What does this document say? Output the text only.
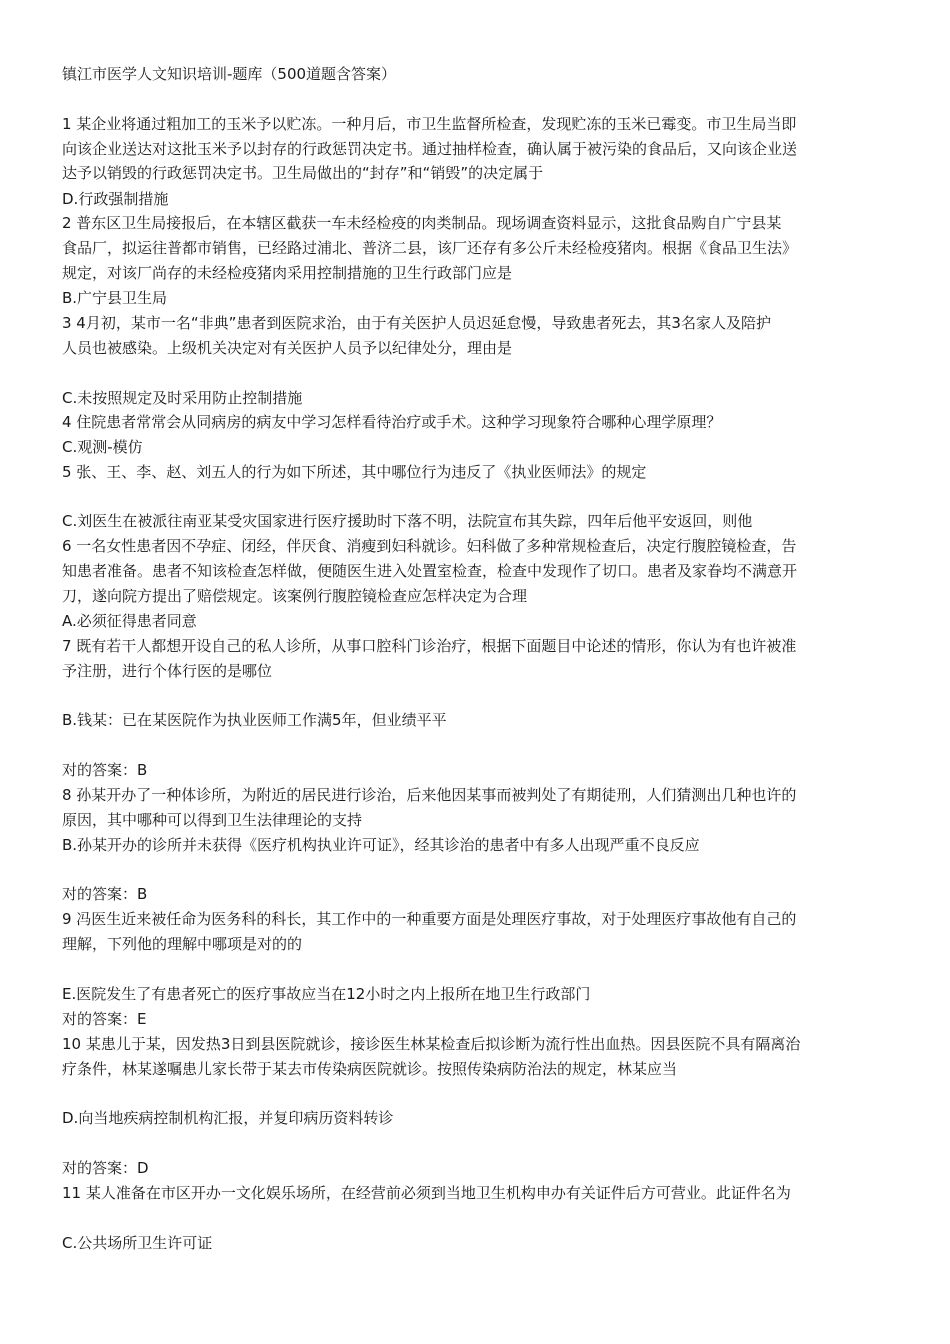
镇江市医学人文知识培训-题库（500道题含答案）
1 某企业将通过粗加工的玉米予以贮冻。一种月后，市卫生监督所检查，发现贮冻的玉米已霉变。市卫生局当即
向该企业送达对这批玉米予以封存的行政惩罚决定书。通过抽样检查，确认属于被污染的食品后，又向该企业送
达予以销毁的行政惩罚决定书。卫生局做出的“封存”和“销毁”的决定属于
D.行政强制措施
2 普东区卫生局接报后，在本辖区截获一车未经检疫的肉类制品。现场调查资料显示，这批食品购自广宁县某
食品厂，拟运往普都市销售，已经路过浦北、普济二县，该厂还存有多公斤未经检疫猪肉。根据《食品卫生法》
规定，对该厂尚存的未经检疫猪肉采用控制措施的卫生行政部门应是
B.广宁县卫生局
3 4月初，某市一名“非典”患者到医院求治，由于有关医护人员迟延怠慢，导致患者死去，其3名家人及陪护
人员也被感染。上级机关决定对有关医护人员予以纪律处分，理由是
C.未按照规定及时采用防止控制措施
4 住院患者常常会从同病房的病友中学习怎样看待治疗或手术。这种学习现象符合哪种心理学原理？
C.观测-模仿
5 张、王、李、赵、刘五人的行为如下所述，其中哪位行为违反了《执业医师法》的规定
C.刘医生在被派往南亚某受灾国家进行医疗援助时下落不明，法院宣布其失踪，四年后他平安返回，则他
6 一名女性患者因不孕症、闭经，伴厌食、消瘦到妇科就诊。妇科做了多种常规检查后，决定行腹腔镜检查，告
知患者准备。患者不知该检查怎样做，便随医生进入处置室检查，检查中发现作了切口。患者及家眷均不满意开
刀，遂向院方提出了赔偿规定。该案例行腹腔镜检查应怎样决定为合理
A.必须征得患者同意
7 既有若干人都想开设自己的私人诊所，从事口腔科门诊治疗，根据下面题目中论述的情形，你认为有也许被准
予注册，进行个体行医的是哪位
B.钱某：已在某医院作为执业医师工作满5年，但业绩平平
对的答案：B
8 孙某开办了一种体诊所，为附近的居民进行诊治，后来他因某事而被判处了有期徒刑，人们猜测出几种也许的
原因，其中哪种可以得到卫生法律理论的支持
B.孙某开办的诊所并未获得《医疗机构执业许可证》，经其诊治的患者中有多人出现严重不良反应
对的答案：B
9 冯医生近来被任命为医务科的科长，其工作中的一种重要方面是处理医疗事故，对于处理医疗事故他有自己的
理解，下列他的理解中哪项是对的的
E.医院发生了有患者死亡的医疗事故应当在12小时之内上报所在地卫生行政部门
对的答案：E
10 某患儿于某，因发热3日到县医院就诊，接诊医生林某检查后拟诊断为流行性出血热。因县医院不具有隔离治
疗条件，林某遂嘱患儿家长带于某去市传染病医院就诊。按照传染病防治法的规定，林某应当
D.向当地疾病控制机构汇报，并复印病历资料转诊
对的答案：D
11 某人准备在市区开办一文化娱乐场所，在经营前必须到当地卫生机构申办有关证件后方可营业。此证件名为
C.公共场所卫生许可证
